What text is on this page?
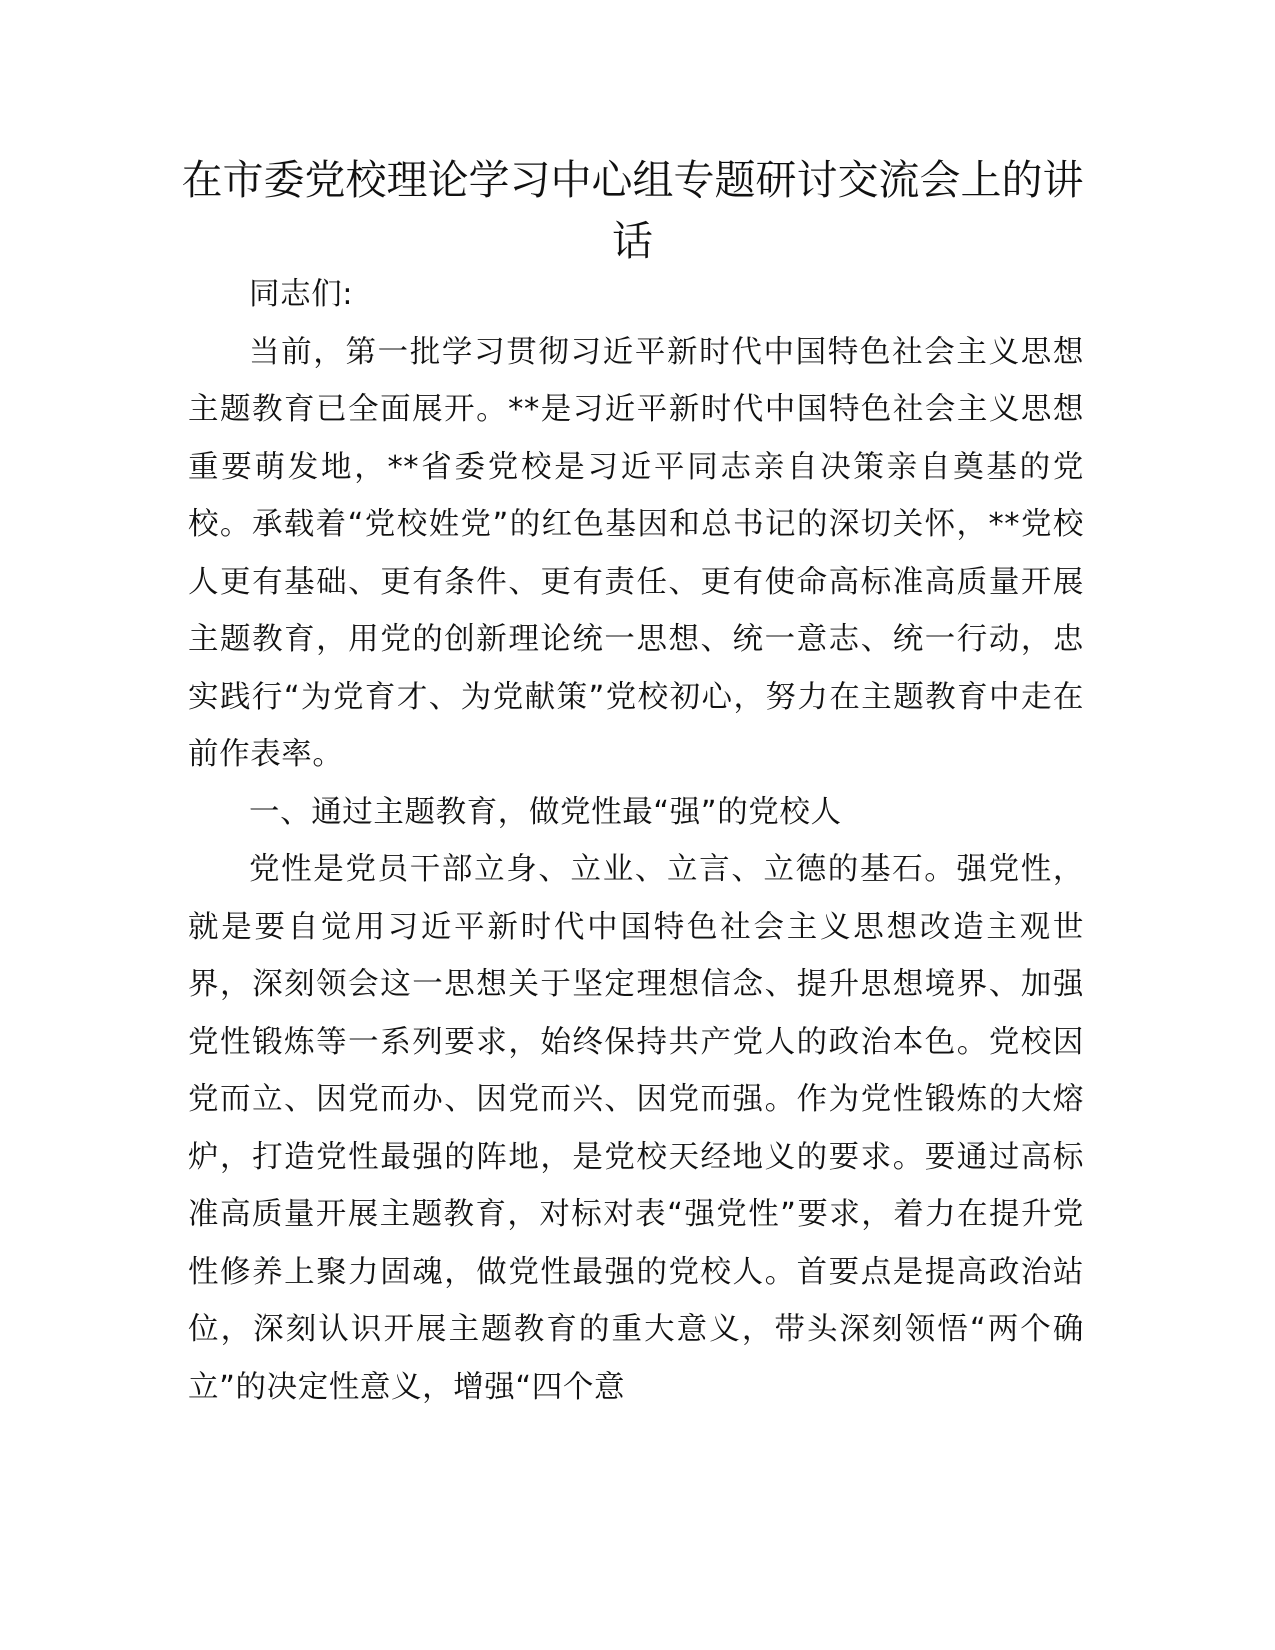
在市委党校理论学习中心组专题研讨交流会上的讲话

同志们:

当前，第一批学习贯彻习近平新时代中国特色社会主义思想主题教育已全面展开。**是习近平新时代中国特色社会主义思想重要萌发地，**省委党校是习近平同志亲自决策亲自奠基的党校。承载着“党校姓党”的红色基因和总书记的深切关怀，**党校人更有基础、更有条件、更有责任、更有使命高标准高质量开展主题教育，用党的创新理论统一思想、统一意志、统一行动，忠实践行“为党育才、为党献策”党校初心，努力在主题教育中走在前作表率。

一、通过主题教育，做党性最“强”的党校人

党性是党员干部立身、立业、立言、立德的基石。强党性，就是要自觉用习近平新时代中国特色社会主义思想改造主观世界，深刻领会这一思想关于坚定理想信念、提升思想境界、加强党性锻炼等一系列要求，始终保持共产党人的政治本色。党校因党而立、因党而办、因党而兴、因党而强。作为党性锻炼的大熔炉，打造党性最强的阵地，是党校天经地义的要求。要通过高标准高质量开展主题教育，对标对表“强党性”要求，着力在提升党性修养上聚力固魂，做党性最强的党校人。首要点是提高政治站位，深刻认识开展主题教育的重大意义，带头深刻领悟“两个确立”的决定性意义，增强“四个意
